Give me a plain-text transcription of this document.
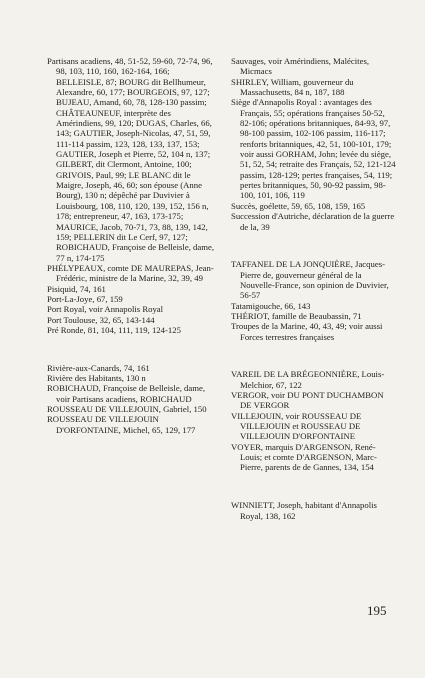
Partisans acadiens, 48, 51-52, 59-60, 72-74, 96, 98, 103, 110, 160, 162-164, 166; BELLEISLE, 87; BOURG dit Bellhumeur, Alexandre, 60, 177; BOURGEOIS, 97, 127; BUJEAU, Amand, 60, 78, 128-130 passim; CHÂTEAUNEUF, interprète des Amérindiens, 99, 120; DUGAS, Charles, 66, 143; GAUTIER, Joseph-Nicolas, 47, 51, 59, 111-114 passim, 123, 128, 133, 137, 153; GAUTIER, Joseph et Pierre, 52, 104 n, 137; GILBERT, dit Clermont, Antoine, 100; GRIVOIS, Paul, 99; LE BLANC dit le Maigre, Joseph, 46, 60; son épouse (Anne Bourg), 130 n; dépêché par Duvivier à Louisbourg, 108, 110, 120, 139, 152, 156 n, 178; entrepreneur, 47, 163, 173-175; MAURICE, Jacob, 70-71, 73, 88, 139, 142, 159; PELLERIN dit Le Cerf, 97, 127; ROBICHAUD, Françoise de Belleisle, dame, 77 n, 174-175

PHÉLYPEAUX, comte DE MAUREPAS, Jean-Frédéric, ministre de la Marine, 32, 39, 49

Pisiquid, 74, 161

Port-La-Joye, 67, 159

Port Royal, voir Annapolis Royal

Port Toulouse, 32, 65, 143-144

Pré Ronde, 81, 104, 111, 119, 124-125

Rivière-aux-Canards, 74, 161

Rivière des Habitants, 130 n

ROBICHAUD, Françoise de Belleisle, dame, voir Partisans acadiens, ROBICHAUD

ROUSSEAU DE VILLEJOUIN, Gabriel, 150

ROUSSEAU DE VILLEJOUIN D'ORFONTAINE, Michel, 65, 129, 177

Sauvages, voir Amérindiens, Malécites, Micmacs

SHIRLEY, William, gouverneur du Massachusetts, 84 n, 187, 188

Siège d'Annapolis Royal : avantages des Français, 55; opérations françaises 50-52, 82-106; opérations britanniques, 84-93, 97, 98-100 passim, 102-106 passim, 116-117; renforts britanniques, 42, 51, 100-101, 179; voir aussi GORHAM, John; levée du siège, 51, 52, 54; retraite des Français, 52, 121-124 passim, 128-129; pertes françaises, 54, 119; pertes britanniques, 50, 90-92 passim, 98-100, 101, 106, 119

Succès, goélette, 59, 65, 108, 159, 165

Succession d'Autriche, déclaration de la guerre de la, 39

TAFFANEL DE LA JONQUIÈRE, Jacques-Pierre de, gouverneur général de la Nouvelle-France, son opinion de Duvivier, 56-57

Tatamigouche, 66, 143

THÉRIOT, famille de Beaubassin, 71

Troupes de la Marine, 40, 43, 49; voir aussi Forces terrestres françaises

VAREIL DE LA BRÉGEONNIÈRE, Louis-Melchior, 67, 122

VERGOR, voir DU PONT DUCHAMBON DE VERGOR

VILLEJOUIN, voir ROUSSEAU DE VILLEJOUIN et ROUSSEAU DE VILLEJOUIN D'ORFONTAINE

VOYER, marquis D'ARGENSON, René-Louis; et comte D'ARGENSON, Marc-Pierre, parents de de Gannes, 134, 154

WINNIETT, Joseph, habitant d'Annapolis Royal, 138, 162

195
